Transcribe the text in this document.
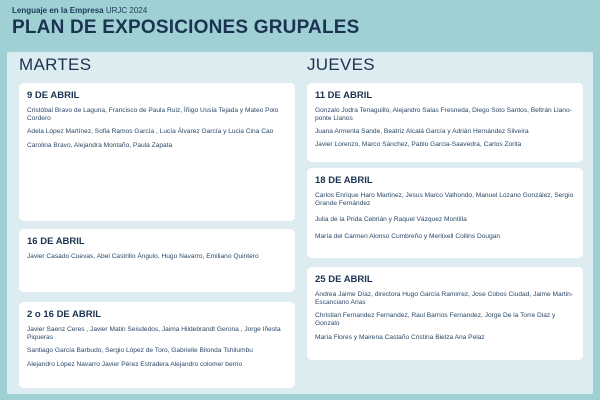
Lenguaje en la Empresa URJC 2024
PLAN DE EXPOSICIONES GRUPALES
MARTES
9 DE ABRIL
Cristóbal Bravo de Laguna, Francisco de Paula Ruiz, Íñigo Ussía Tejada y Mateo Polo Cordero
Adela López Martínez, Sofia Ramos García , Lucía Álvarez García y Lucia Cina Cao
Carolina Bravo, Alejandra Montaño, Paula Zapata
16 DE ABRIL
Javier Casado Cuevas, Abel Castrillo Ángulo, Hugo Navarro, Emiliano Quintero
2 o 16 DE ABRIL
Javier Saenz Ceres , Javier Matin Seisdedos, Jaima Hildebrandt Gerona , Jorge Iñesta Piqueras
Santiago García Barbudo, Sergio López de Toro, Gabrielle Bilonda Tshilumbu
Alejandro López Navarro Javier Pérez Estradera Alejandro colomer berrio
JUEVES
11 DE ABRIL
Gonzalo Jodra Tenaguillo, Alejandro Salas Fresneda, Diego Soto Santos, Beltrán Llano-ponte Llanos
Juana Armenta Sande, Beatriz Alcalá García y Adrián Hernández Silveira
Javier Lorenzo, Marco Sánchez, Pablo Garcia-Saavedra, Carlos Zorita
18 DE ABRIL
Carlos Enrique Haro Martinez, Jesus Marco Valhondo, Manuel Lozano González, Sergio Grande Fernández
Julia de la Prida Cebrián y Raquel Vázquez Montilla
María del Carmen Alonso Cumbreño y Meritxell Collins Dougan
25 DE ABRIL
Andrea Jaime Díaz, directora Hugo García Ramirrez, Jose Cobos Ciudad, Jaime Martin-Escanciano Arias
Christian Fernandez Fernandez, Raul Barrios Fernandez, Jorge De la Torre Diaz y Gonzalo
María Flores y Mairena Castaño Cristina Bielza Ana Pelaz
